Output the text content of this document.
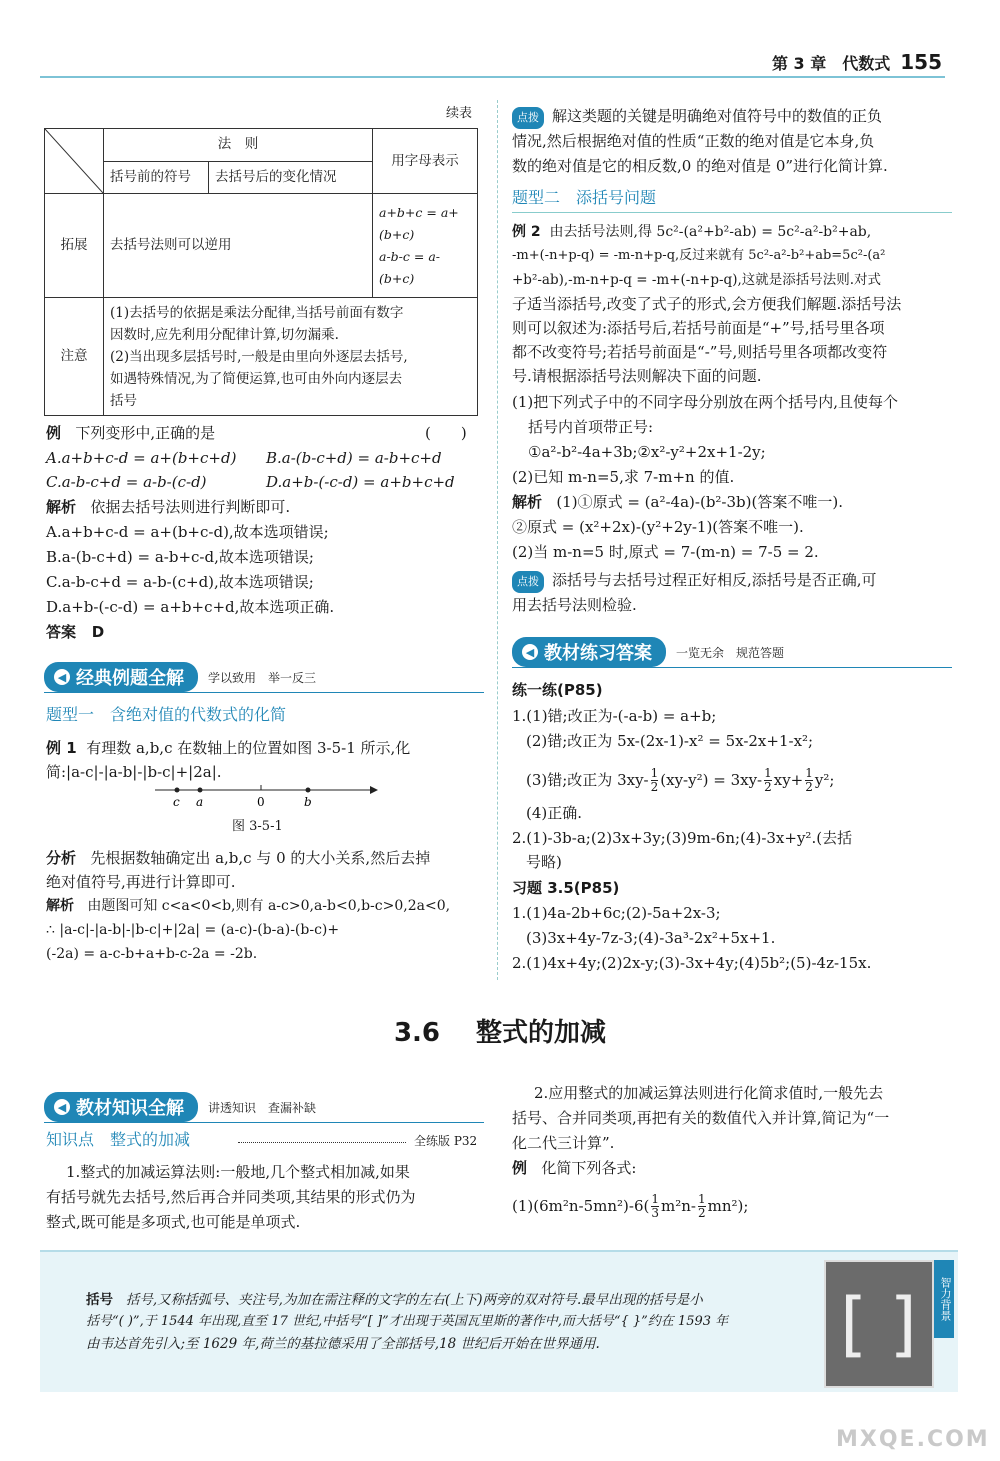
第 3 章　代数式 155
续表
	法　则		用字母表示
	括号前的符号	去括号后的变化情况	
拓展	去括号法则可以逆用		a+b+c = a+
(b+c)
a-b-c = a-
(b+c)

注意	(1)去括号的依据是乘法分配律,当括号前面有数字
因数时,应先利用分配律计算,切勿漏乘.
(2)当出现多层括号时,一般是由里向外逐层去括号,
如遇特殊情况,为了简便运算,也可由外向内逐层去
括号		
例 下列变形中,正确的是	(　　)
A.a+b+c-d = a+(b+c+d) B.a-(b-c+d) = a-b+c+d
C.a-b-c+d = a-b-(c-d)	D.a+b-(-c-d) = a+b+c+d
解析 依据去括号法则进行判断即可.
A.a+b+c-d = a+(b+c-d),故本选项错误;
B.a-(b-c+d) = a-b+c-d,故本选项错误;
C.a-b-c+d = a-b-(c+d),故本选项错误;
D.a+b-(-c-d) = a+b+c+d,故本选项正确.
答案 D
◀ 经典例题全解 学以致用　举一反三
题型一　含绝对值的代数式的化简
例 1 有理数 a,b,c 在数轴上的位置如图 3-5-1 所示,化
简:|a-c|-|a-b|-|b-c|+|2a|.
c a	0	b
图 3-5-1
分析 先根据数轴确定出 a,b,c 与 0 的大小关系,然后去掉
绝对值符号,再进行计算即可.
解析 由题图可知 c<a<0<b,则有 a-c>0,a-b<0,b-c>0,2a<0,
∴ |a-c|-|a-b|-|b-c|+|2a| = (a-c)-(b-a)-(b-c)+
(-2a) = a-c-b+a+b-c-2a = -2b.
点拨 解这类题的关键是明确绝对值符号中的数值的正负
情况,然后根据绝对值的性质“正数的绝对值是它本身,负
数的绝对值是它的相反数,0 的绝对值是 0”进行化简计算.
题型二　添括号问题
例 2 由去括号法则,得 5c²-(a²+b²-ab) = 5c²-a²-b²+ab,
-m+(-n+p-q) = -m-n+p-q,反过来就有 5c²-a²-b²+ab=5c²-(a²
+b²-ab),-m-n+p-q = -m+(-n+p-q),这就是添括号法则.对式
子适当添括号,改变了式子的形式,会方便我们解题.添括号法
则可以叙述为:添括号后,若括号前面是“+”号,括号里各项
都不改变符号;若括号前面是“-”号,则括号里各项都改变符
号.请根据添括号法则解决下面的问题.
(1)把下列式子中的不同字母分别放在两个括号内,且使每个
括号内首项带正号:
①a²-b²-4a+3b;②x²-y²+2x+1-2y;
(2)已知 m-n=5,求 7-m+n 的值.
解析 (1)①原式 = (a²-4a)-(b²-3b)(答案不唯一).
②原式 = (x²+2x)-(y²+2y-1)(答案不唯一).
(2)当 m-n=5 时,原式 = 7-(m-n) = 7-5 = 2.
点拨 添括号与去括号过程正好相反,添括号是否正确,可
用去括号法则检验.
◀ 教材练习答案 一览无余　规范答题
练一练(P85)
1.(1)错;改正为-(-a-b) = a+b;
(2)错;改正为 5x-(2x-1)-x² = 5x-2x+1-x²;
(3)错;改正为 $3xy- \frac{1}{2} (xy-y^2) = 3xy- \frac{1}{2} xy+ \frac{1}{2} y^2$;
(4)正确.
2.(1)-3b-a;(2)3x+3y;(3)9m-6n;(4)-3x+y².(去括
号略)
习题 3.5(P85)
1.(1)4a-2b+6c;(2)-5a+2x-3;
(3)3x+4y-7z-3;(4)-3a³-2x²+5x+1.
2.(1)4x+4y;(2)2x-y;(3)-3x+4y;(4)5b²;(5)-4z-15x.
3.6 整式的加减
◀ 教材知识全解 讲透知识　查漏补缺
知识点　整式的加减	全练版 P32
1.整式的加减运算法则:一般地,几个整式相加减,如果
有括号就先去括号,然后再合并同类项,其结果的形式仍为
整式,既可能是多项式,也可能是单项式.
2.应用整式的加减运算法则进行化简求值时,一般先去
括号、合并同类项,再把有关的数值代入并计算,简记为“一
化二代三计算”.
例 化简下列各式:
$(1)(6m^2n-5mn^2)-6( \frac{1}{3} m^2n- \frac{1}{2} mn^2)$;
括号 括号,又称括弧号、夹注号,为加在需注释的文字的左右(上下)两旁的双对符号.最早出现的括号是小
括号“( )”,于 1544 年出现,直至 17 世纪,中括号“[ ]”才出现于英国瓦里斯的著作中,而大括号“{ }”约在 1593 年
由韦达首先引入;至 1629 年,荷兰的基拉德采用了全部括号,18 世纪后开始在世界通用.	[ ]	智力背景
MXQE.COM
